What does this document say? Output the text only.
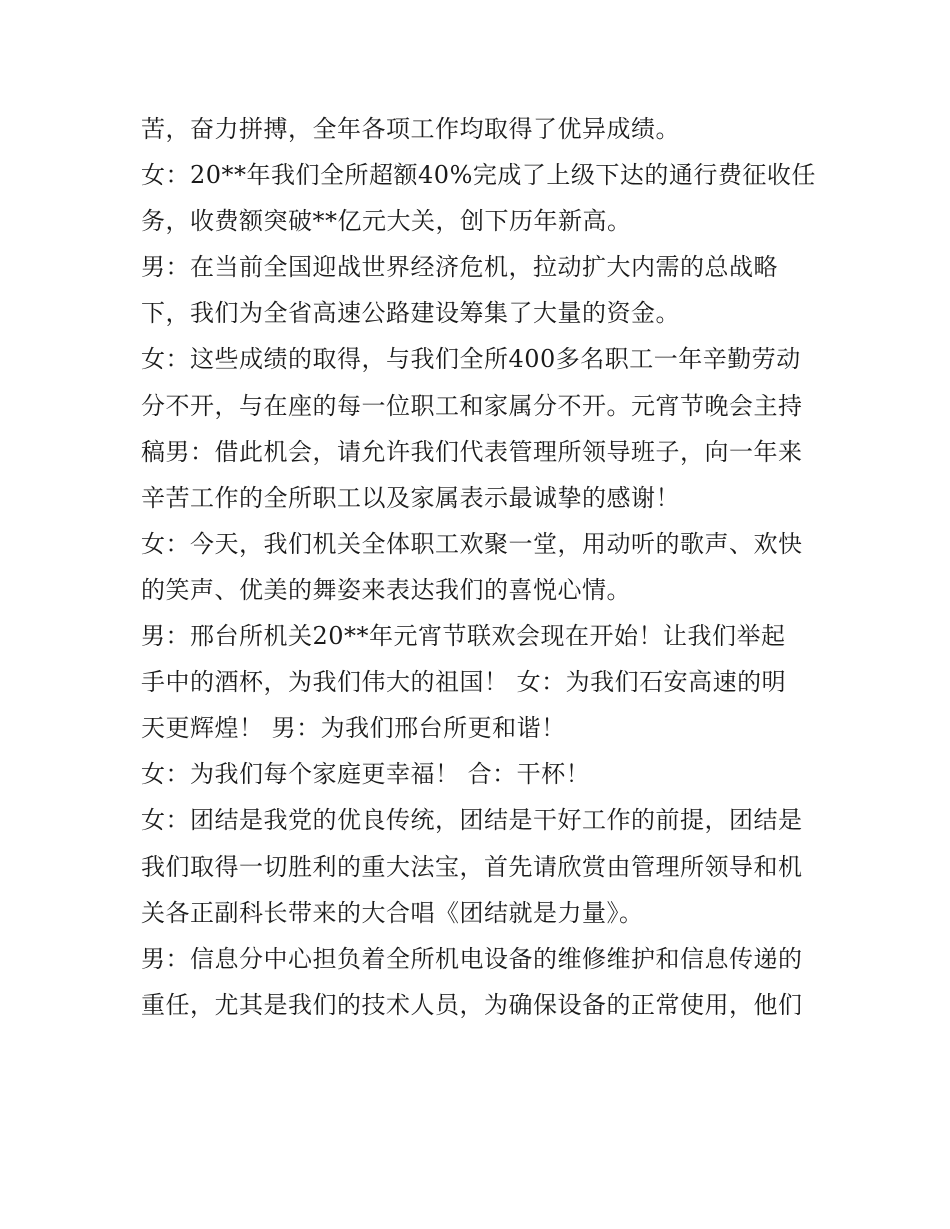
苦，奋力拼搏，全年各项工作均取得了优异成绩。
女：20**年我们全所超额40%完成了上级下达的通行费征收任
务，收费额突破**亿元大关，创下历年新高。
男：在当前全国迎战世界经济危机，拉动扩大内需的总战略
下，我们为全省高速公路建设筹集了大量的资金。
女：这些成绩的取得，与我们全所400多名职工一年辛勤劳动
分不开，与在座的每一位职工和家属分不开。元宵节晚会主持
稿男：借此机会，请允许我们代表管理所领导班子，向一年来
辛苦工作的全所职工以及家属表示最诚挚的感谢！
女：今天，我们机关全体职工欢聚一堂，用动听的歌声、欢快
的笑声、优美的舞姿来表达我们的喜悦心情。
男：邢台所机关20**年元宵节联欢会现在开始！让我们举起
手中的酒杯，为我们伟大的祖国！ 女：为我们石安高速的明
天更辉煌！ 男：为我们邢台所更和谐！
女：为我们每个家庭更幸福！ 合：干杯！
女：团结是我党的优良传统，团结是干好工作的前提，团结是
我们取得一切胜利的重大法宝，首先请欣赏由管理所领导和机
关各正副科长带来的大合唱《团结就是力量》。
男：信息分中心担负着全所机电设备的维修维护和信息传递的
重任，尤其是我们的技术人员，为确保设备的正常使用，他们
